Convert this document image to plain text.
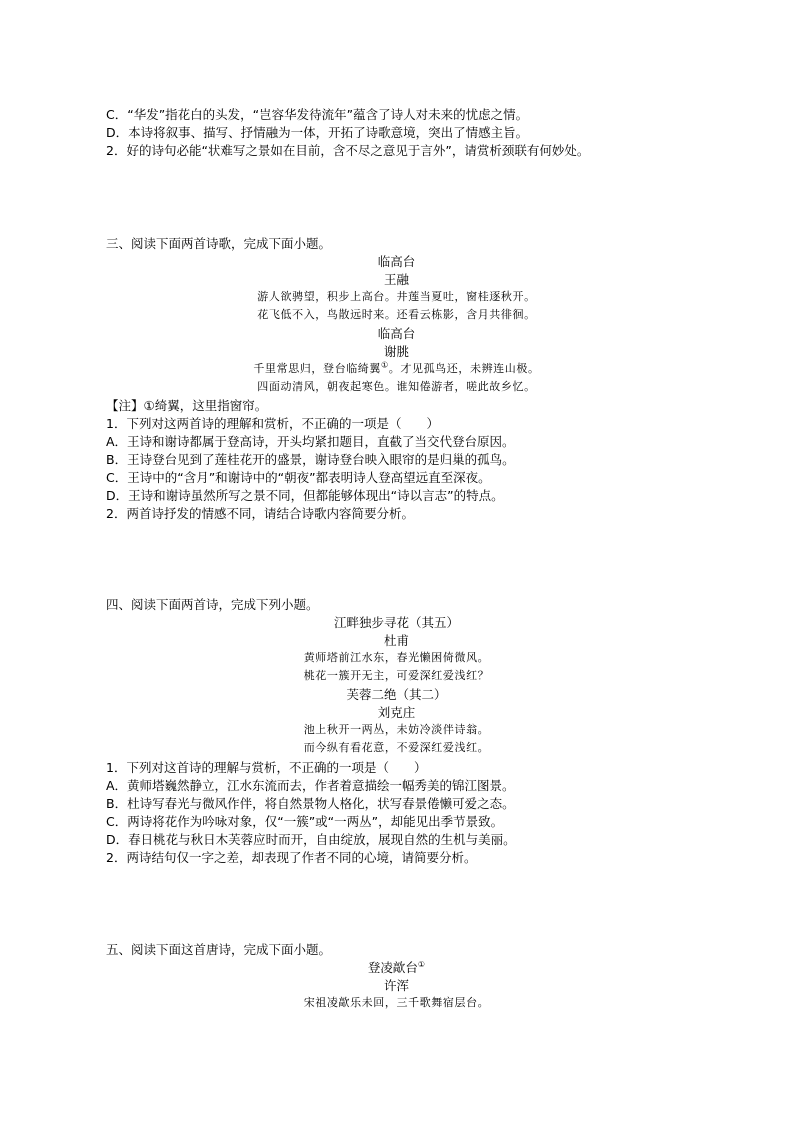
C．“华发”指花白的头发，“岂容华发待流年”蕴含了诗人对未来的忧虑之情。
D．本诗将叙事、描写、抒情融为一体，开拓了诗歌意境，突出了情感主旨。
2．好的诗句必能“状难写之景如在目前，含不尽之意见于言外”，请赏析颈联有何妙处。
三、阅读下面两首诗歌，完成下面小题。
临高台
王融
游人欲骋望，积步上高台。井莲当夏吐，窗桂逐秋开。
花飞低不入，鸟散远时来。还看云栋影，含月共徘徊。
临高台
谢朓
千里常思归，登台临绮翼①。才见孤鸟还，未辨连山极。
四面动清风，朝夜起寒色。谁知倦游者，嗟此故乡忆。
【注】①绮翼，这里指窗帘。
1．下列对这两首诗的理解和赏析，不正确的一项是（　　）
A．王诗和谢诗都属于登高诗，开头均紧扣题目，直截了当交代登台原因。
B．王诗登台见到了莲桂花开的盛景，谢诗登台映入眼帘的是归巢的孤鸟。
C．王诗中的“含月”和谢诗中的“朝夜”都表明诗人登高望远直至深夜。
D．王诗和谢诗虽然所写之景不同，但都能够体现出“诗以言志”的特点。
2．两首诗抒发的情感不同，请结合诗歌内容简要分析。
四、阅读下面两首诗，完成下列小题。
江畔独步寻花（其五）
杜甫
黄师塔前江水东，春光懒困倚微风。
桃花一簇开无主，可爱深红爱浅红？
芙蓉二绝（其二）
刘克庄
池上秋开一两丛，未妨冷淡伴诗翁。
而今纵有看花意，不爱深红爱浅红。
1．下列对这首诗的理解与赏析，不正确的一项是（　　）
A．黄师塔巍然静立，江水东流而去，作者着意描绘一幅秀美的锦江图景。
B．杜诗写春光与微风作伴，将自然景物人格化，状写春景倦懒可爱之态。
C．两诗将花作为吟咏对象，仅“一簇”或“一两丛”，却能见出季节景致。
D．春日桃花与秋日木芙蓉应时而开，自由绽放，展现自然的生机与美丽。
2．两诗结句仅一字之差，却表现了作者不同的心境，请简要分析。
五、阅读下面这首唐诗，完成下面小题。
登凌歊台①
许浑
宋祖凌歊乐未回，三千歌舞宿层台。
